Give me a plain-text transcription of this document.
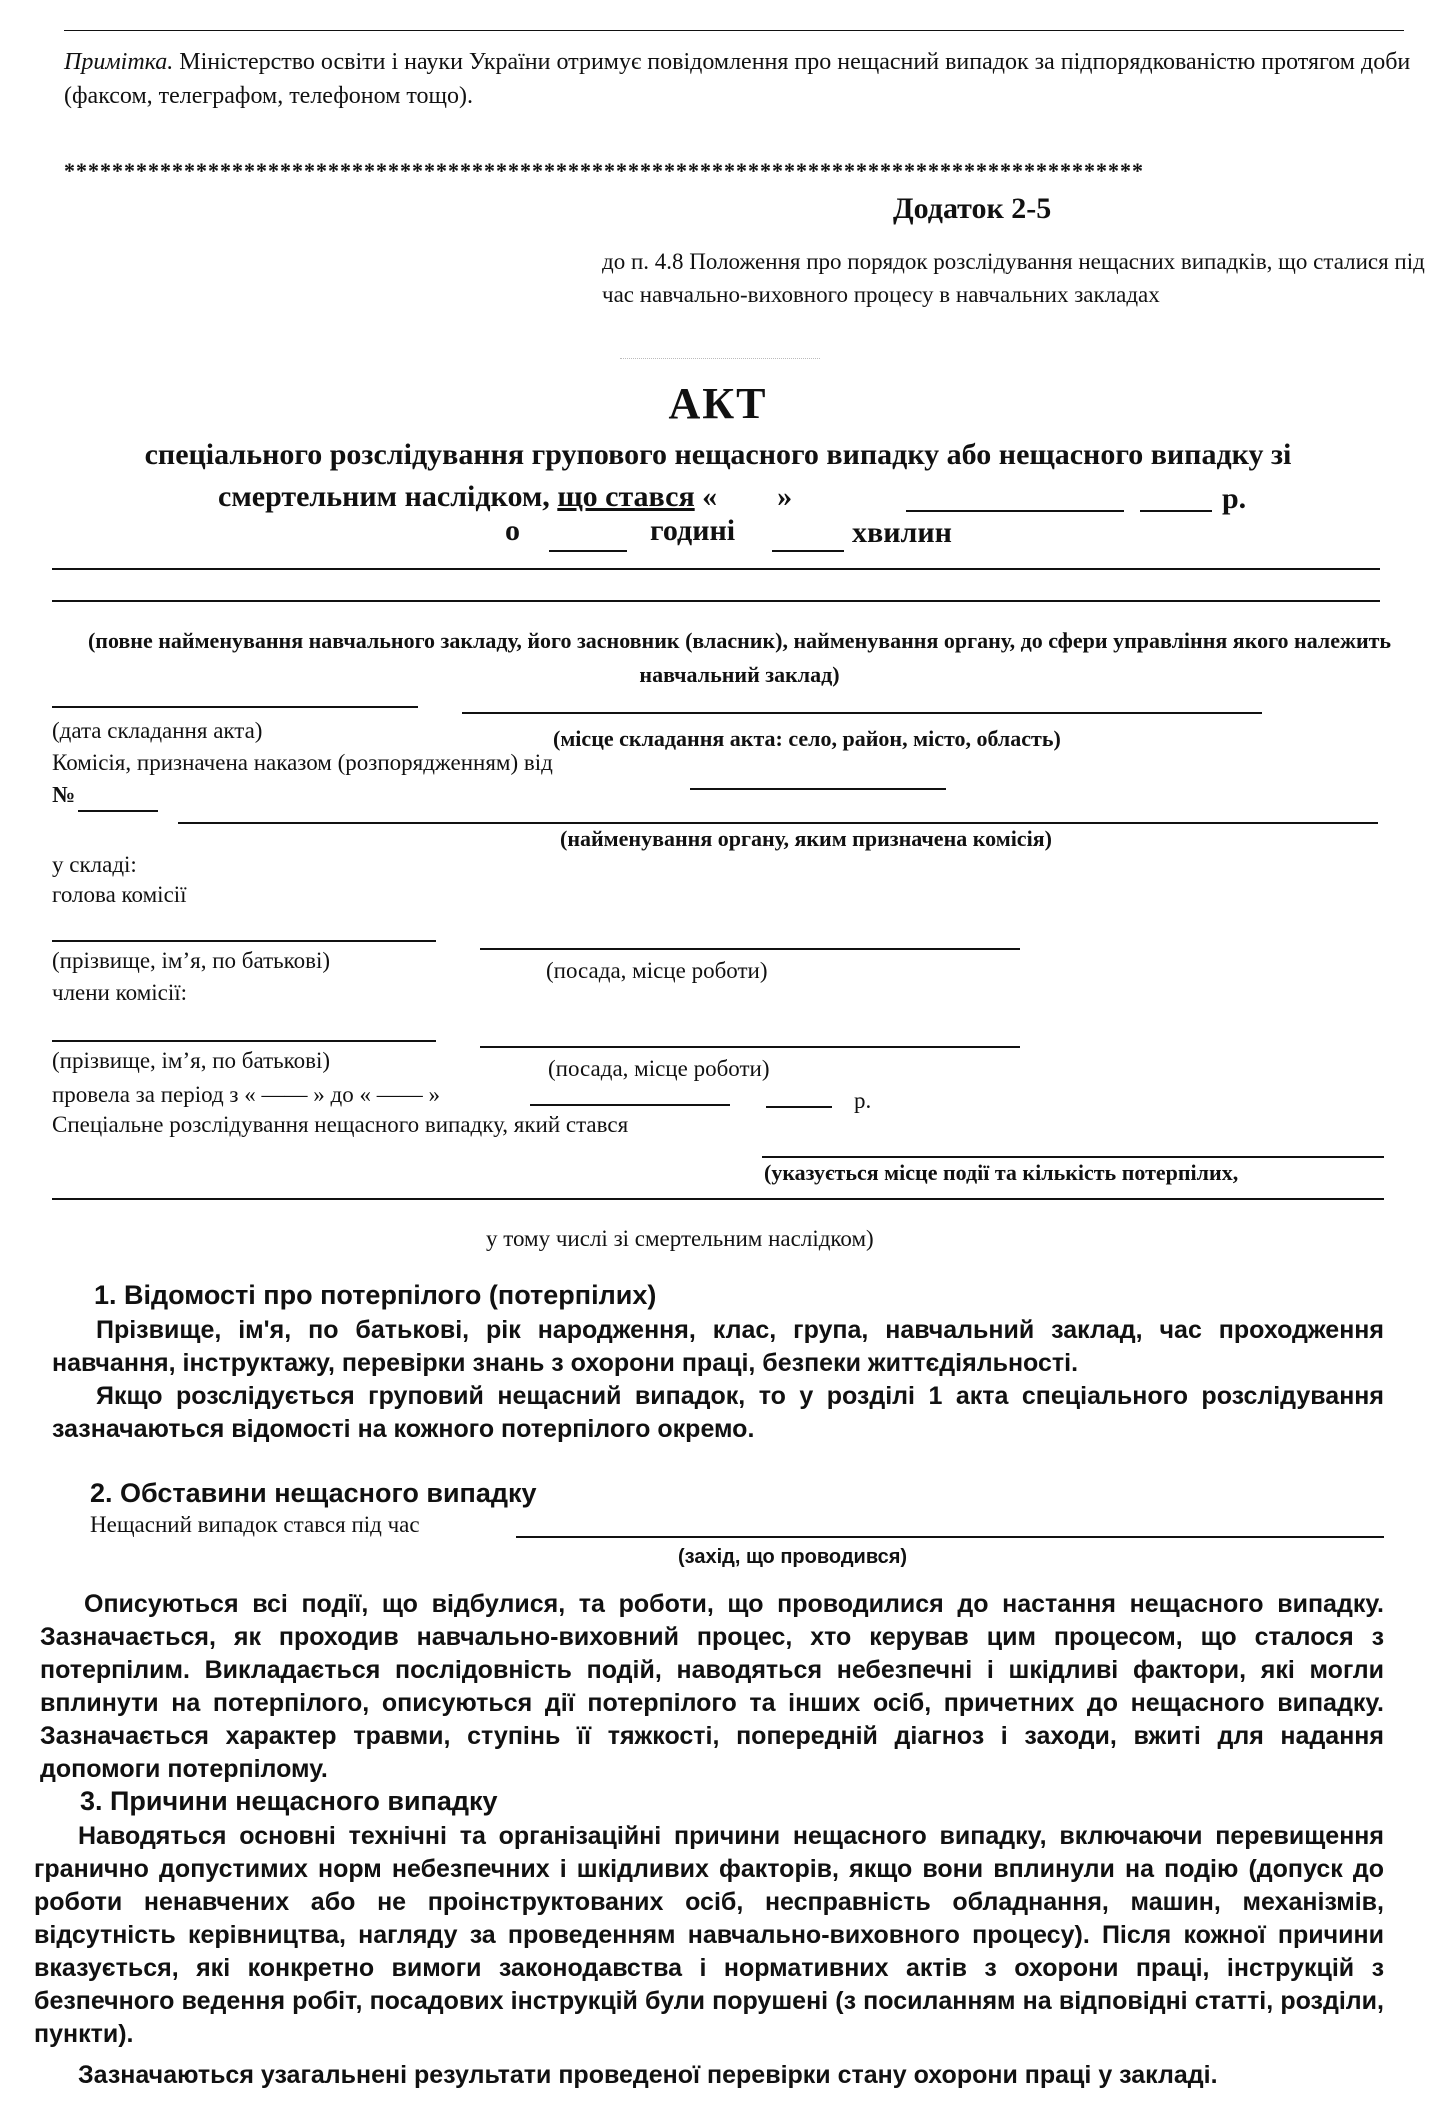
Примітка. Міністерство освіти і науки України отримує повідомлення про нещасний випадок за підпорядкованістю протягом доби (факсом, телеграфом, телефоном тощо).
******************************************************************************************
Додаток 2-5
до п. 4.8 Положення про порядок розслідування нещасних випадків, що сталися під час навчально-виховного процесу в навчальних закладах
АКТ
спеціального розслідування групового нещасного випадку або нещасного випадку зі
смертельним наслідком, що стався «        »	р.
о	годині	хвилин
(повне найменування навчального закладу, його засновник (власник), найменування органу, до сфери управління якого належить навчальний заклад)
(дата складання акта)	(місце складання акта: село, район, місто, область)
Комісія, призначена наказом (розпорядженням) від
№
(найменування органу, яким призначена комісія)
у складі:
голова комісії
(прізвище, ім’я, по батькові)	(посада, місце роботи)
члени комісії:
(прізвище, ім’я, по батькові)	(посада, місце роботи)
провела за період з « —— » до « —— »	р.
Спеціальне розслідування нещасного випадку, який стався
(указується місце події та кількість потерпілих,
у тому числі зі смертельним наслідком)
1. Відомості про потерпілого (потерпілих)

Прізвище, ім'я, по батькові, рік народження, клас, група, навчальний заклад, час проходження навчання, інструктажу, перевірки знань з охорони праці, безпеки життєдіяльності.

Якщо розслідується груповий нещасний випадок, то у розділі 1 акта спеціального розслідування зазначаються відомості на кожного потерпілого окремо.

2. Обставини нещасного випадку
Нещасний випадок стався під час
(захід, що проводився)

Описуються всі події, що відбулися, та роботи, що проводилися до настання нещасного випадку. Зазначається, як проходив навчально-виховний процес, хто керував цим процесом, що сталося з потерпілим. Викладається послідовність подій, наводяться небезпечні і шкідливі фактори, які могли вплинути на потерпілого, описуються дії потерпілого та інших осіб, причетних до нещасного випадку. Зазначається характер травми, ступінь її тяжкості, попередній діагноз і заходи, вжиті для надання допомоги потерпілому.

3. Причини нещасного випадку

Наводяться основні технічні та організаційні причини нещасного випадку, включаючи перевищення гранично допустимих норм небезпечних і шкідливих факторів, якщо вони вплинули на подію (допуск до роботи ненавчених або не проінструктованих осіб, несправність обладнання, машин, механізмів, відсутність керівництва, нагляду за проведенням навчально-виховного процесу). Після кожної причини вказується, які конкретно вимоги законодавства і нормативних актів з охорони праці, інструкцій з безпечного ведення робіт, посадових інструкцій були порушені (з посиланням на відповідні статті, розділи, пункти).

Зазначаються узагальнені результати проведеної перевірки стану охорони праці у закладі.
